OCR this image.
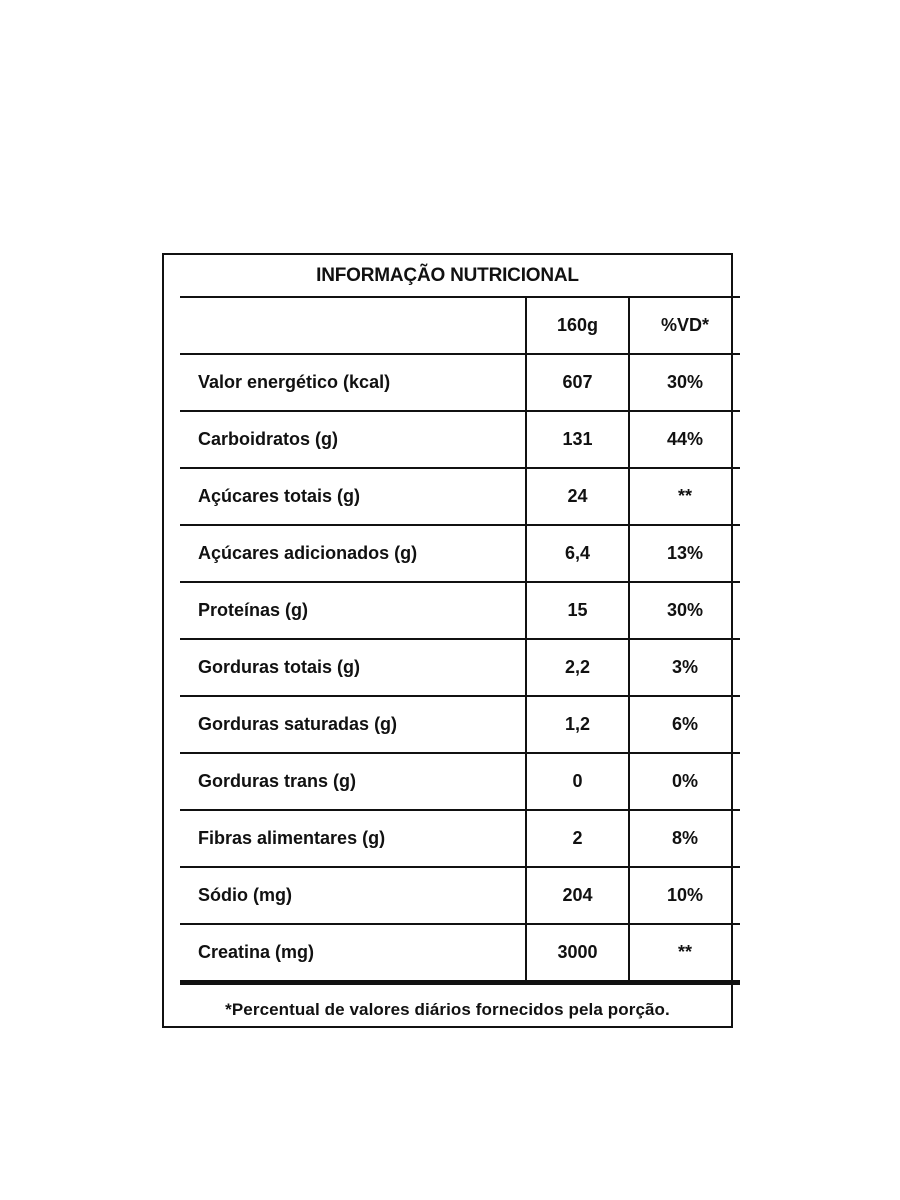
INFORMAÇÃO NUTRICIONAL
	160g	%VD*
Valor energético (kcal)	607	30%
Carboidratos (g)	131	44%
Açúcares totais (g)	24	**
Açúcares adicionados (g)	6,4	13%
Proteínas (g)	15	30%
Gorduras totais (g)	2,2	3%
Gorduras saturadas (g)	1,2	6%
Gorduras trans (g)	0	0%
Fibras alimentares (g)	2	8%
Sódio (mg)	204	10%
Creatina (mg)	3000	**
*Percentual de valores diários fornecidos pela porção.
